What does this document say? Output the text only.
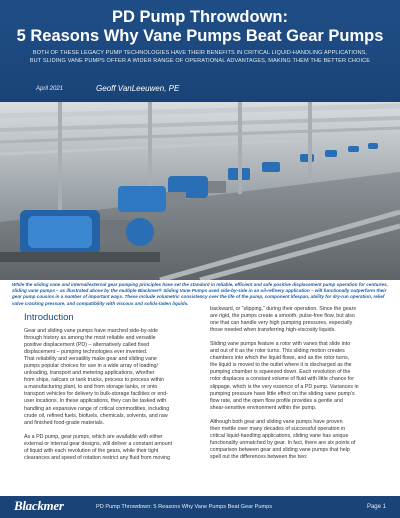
PD Pump Throwdown:
5 Reasons Why Vane Pumps Beat Gear Pumps
BOTH OF THESE LEGACY PUMP TECHNOLOGIES HAVE THEIR BENEFITS IN CRITICAL LIQUID-HANDLING APPLICATIONS,
BUT SLIDING VANE PUMPS OFFER A WIDER RANGE OF OPERATIONAL ADVANTAGES, MAKING THEM THE BETTER CHOICE
April 2021	Geoff VanLeeuwen, PE
While the sliding vane and internal/external gear pumping principles have set the standard in reliable, efficient and safe positive displacement pump operation for centuries, sliding vane pumps – as illustrated above by the multiple Blackmer® Sliding Vane Pumps used side-by-side in an oil-refinery application – will functionally outperform their gear pump cousins in a number of important ways. These include volumetric consistency over the life of the pump, component lifespan, ability for dry-run operation, relief valve cracking pressure, and compatibility with viscous and solids-laden liquids.
Introduction
Gear and sliding vane pumps have marched side-by-side
through history as among the most reliable and versatile
positive displacement (PD) – alternatively called fixed
displacement – pumping technologies ever invented.
That reliability and versatility make gear and sliding vane
pumps popular choices for use in a wide array of loading/
unloading, transport and metering applications, whether
from ships, railcars or tank trucks, process to process within
a manufacturing plant, to and from storage tanks, or onto
transport vehicles for delivery to bulk-storage facilities or end-
user locations. In these applications, they can be tasked with
handling an expansive range of critical commodities, including
crude oil, refined fuels, biofuels, chemicals, solvents, and raw
and finished food-grade materials.
As a PD pump, gear pumps, which are available with either
external or internal gear designs, will deliver a constant amount
of liquid with each revolution of the gears, while their tight
clearances and speed of rotation restrict any fluid from moving
backward, or “slipping,” during their operation. Since the gears
are rigid, the pumps create a smooth, pulse-free flow, but also
one that can handle very high pumping pressures, especially
those needed when transferring high-viscosity liquids.
Sliding vane pumps feature a rotor with vanes that slide into
and out of it as the rotor turns. This sliding motion creates
chambers into which the liquid flows, and as the rotor turns,
the liquid is moved to the outlet where it is discharged as the
pumping chamber is squeezed down. Each revolution of the
rotor displaces a constant volume of fluid with little chance for
slippage, which is the very essence of a PD pump. Variances in
pumping pressure have little effect on the sliding vane pump’s
flow rate, and the open flow profile provides a gentle and
shear-sensitive environment within the pump.
Although both gear and sliding vane pumps have proven
their mettle over many decades of successful operation in
critical liquid-handling applications, sliding vane has unique
functionality unmatched by gear. In fact, there are six points of
comparison between gear and sliding vane pumps that help
spell out the differences between the two:
Blackmer	PD Pump Throwdown: 5 Reasons Why Vane Pumps Beat Gear Pumps	Page 1
